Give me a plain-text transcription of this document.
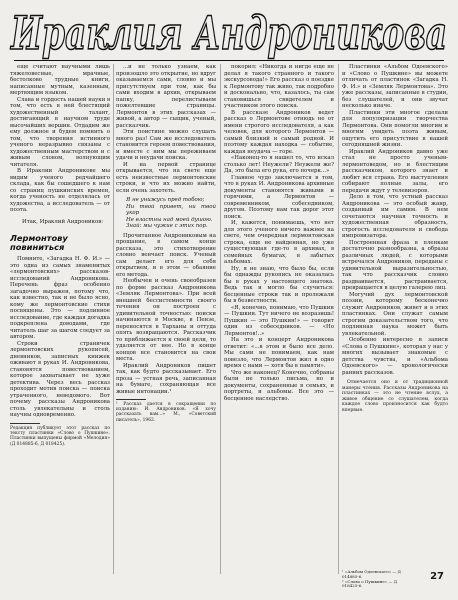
Ираклия Андроникова

еще считают научными лишь тяжеловесные, мрачные, бестолково трудные книги, написанные мутным, казенным, мертвящим языком.

Слава и гордость нашей науки в том, что есть в ней блестящий художественный талант, достигающий в научном труде высочайших вершин. Отдадим же ему должное и будем помнить о том, что творения истинного ученого неразрывно связаны с художественным мастерством и с живым словом, волнующим читателя.

В Ираклии Андроникове мы видим ученого редчайшего склада, как бы сошедшего к нам со страниц пушкинских времен, когда ученость не отделялась от художества, а исследователь — от поэта.

Итак, Ираклий Андроников:

Лермонтову повиниться

Помните, «Загадка Н. Ф. И.» — это одна из самых знаменитых «лермонтовских» рассказов-исследований Андроникова. Перечень фраз особенно загадочно выражен, потому что, как известно, так и не было ясно, кому же лермонтовские стихи посвящены. Это — подлинное исследование, где каждая догадка подкреплена доводами, где читатель шаг за шагом следует за автором.

Строки страничек лермонтовских рукописей, дневников, записных книжек оживают в руках И. Андроникова, становятся повествованием, которое захватывает не хуже детектива. Через весь рассказ проходит мотив поиска — поиска утраченного, неведомого. Вот почему рассказы Андроникова столь увлекательны и столь научны одновременно.

Редакция публикует этот рассказ по тексту пластинки «Слово о Пушкине». Пластинки выпущены фирмой «Мелодия» (Д 014885-6, Д 018425).

...и не только узнаем, как произошло это открытие, но вдруг оказываемся сами, словно и мы присутствуем при том, как бы сами входим в архив, открываем папку, перелистываем пожелтевшие страницы. Лермонтов в этих рассказах — живой, а автор — сыщик, ученый, рассказчик.

Эти поистине можно слушать много раз! Сам же исследователь становится героем повествования, и вместе с ним мы переживаем удачи и неудачи поиска.

И на первой странице открывается, что на свете еще есть неизвестные лермонтовские строки, и что их можно найти, если очень захотеть.

Я не унижусь пред тобою;
Ни твой привет, ни твой укор
Не властны над моей душою.
Знай: мы чужие с этих пор.

Прочитанное Андрониковым на прощание, в самом конце рассказа, это стихотворение словно венчает поиск. Ученый сам делает его для себя открытием, и в этом — обаяние его метода.

Необычен и очень своеобразен по форме рассказ Андроникова «Земляк Лермонтова». При всей внешней бессистемности своего течения он построен с удивительной точностью: поиски начинаются в Москве, в Пензе, переносятся в Тарханы и оттуда опять возвращаются. Рассказчик то приближается к своей цели, то удаляется от нее. Но в конце концов все становится на свои места.

Ираклий Андроников пишет так, как будто рассказывает. Его проза — устная речь, записанная на бумаге, сохраняющая все живые интонации.¹

¹ Рассказ дается в сокращении по изданию: И. Андроников. «Я хочу рассказать вам...» М., «Советский писатель», 1962.

покорил: «Никогда и нигде еще не делал я такого странного и такого экскурсовода!» Его рассказ о поездке к Лермонтову так живо, так подробно и досконально, что, казалось, ты сам становишься свидетелем и участником этого поиска.

В рассказе Андроников ведет рассказ о Лермонтове отнюдь не от имени строгого исследователя, а как человек, для которого Лермонтов — самый близкий и самый родной. И поэтому каждая находка — событие, каждая неудача — горе.

«Наконец-то я нашел то, что искал столько лет! Неужели? Неужели же? Да, это была его рука, его почерк...»

Главное чудо заключается в том, что в руках И. Андроникова архивные документы становятся живыми и горячими, а Лермонтов — современником, собеседником, другом. Поэтому нам так дорог этот поиск.

И, кажется, понимаешь, что нет для этого ученого ничего важнее на свете, чем очередная лермонтовская строка, еще не найденная, но уже существующая где-то в архивах, в семейных бумагах, в забытых альбомах.

Ну, я не знаю, что было бы, если бы однажды рукопись не оказалась бы в руках у настоящего знатока. Ведь так и могло бы случиться: бесценные строки так и пролежали бы в безвестности.

«Я, конечно, понимаю, что Пушкин — Пушкин. Тут ничего не возразишь! Пушкин — это Пушкин!» — говорит один из собеседников. — «Но Лермонтов!..»

На это и концерт Андроникова ответит: «...в этом и было все дело. Мы сами не понимаем, как нам повезло, что Лермонтов жил в одно время с нами — хотя бы в памяти».

Что же наконец? Конечно, собраны были не только письма, но и документы, сохраненные в семьях, и портреты, и альбомы. Все это — бесценное наследство.

Пластинки «Альбом Одоевского» и «Слово о Пушкине» вы можете отличать от пластинок «Загадка Н. Ф. И.» и «Земляк Лермонтова». Это уже рассказы, записанные в студии, без слушателей, и они звучат несколько иначе.

Пластинки эти многое сделали для популяризации творчества Лермонтова. Они помогли многим и многим увидеть поэта живым, ощутить его присутствие в нашей сегодняшней жизни.

Ираклий Андроников давно уже стал не просто ученым-лермонтоведом, но и блестящим рассказчиком, которого знает и любит вся страна. Его выступления собирают полные залы, его передачи ждут у телевизоров.

Дело в том, что устный рассказ Андроникова — это особый жанр, созданный им самим. В нем сочетаются научная точность и художественная образность, строгость исследователя и свобода импровизатора.

Построенная фраза в пленкам достаточно разнообразна, а образы различных людей, с которыми встречался Андроников, переданы с удивительной выразительностью, так что рассказчик словно раздваивается, растраивается, превращается в целую галерею лиц.

Могучий дух лермонтовской поэзии, которому бесконечно служит Андроников, живет и в этих пластинках. Они служат самым строгим доказательством того, что подлинная наука может быть увлекательной.

Особенно интересно в записи «Слова о Пушкине», которая у нас у многих вызывает знакомые с детства чувства, и «Альбома Одоевского» — хронологически ранних рассказов.

Отмечается оно и от традиционной манеры чтения. Рассказы Андроникова на пластинках — это не чтение вслух, а живое общение со слушателем, когда каждое слово произносится как будто впервые.

¹ «Альбом Одоевского» — Д 014885-6.
² «Слово о Пушкине» — Д 018425-6.
27
